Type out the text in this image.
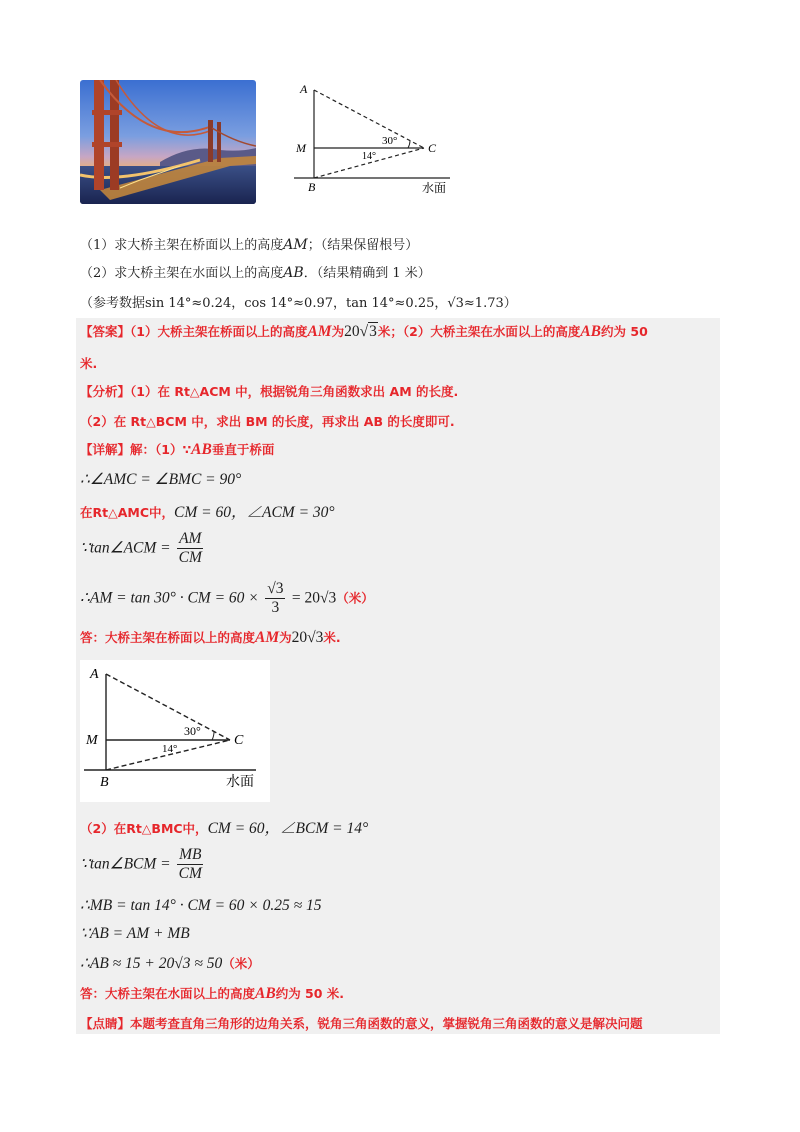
A
M
B
C
30°
14°
水面
（1）求大桥主架在桥面以上的高度AM；（结果保留根号）
（2）求大桥主架在水面以上的高度AB．（结果精确到 1 米）
（参考数据sin 14°≈0.24，cos 14°≈0.97，tan 14°≈0.25，√3≈1.73）
【答案】（1）大桥主架在桥面以上的高度AM为20√3米；（2）大桥主架在水面以上的高度AB约为 50
米.
【分析】（1）在 Rt△ACM 中，根据锐角三角函数求出 AM 的长度.
（2）在 Rt△BCM 中，求出 BM 的长度，再求出 AB 的长度即可.
【详解】解：（1）∵AB垂直于桥面
∴∠AMC = ∠BMC = 90°
在Rt△AMC中，CM = 60，∠ACM = 30°
∵tan∠ACM = $\frac{AM}{CM}$
∴AM = tan 30° · CM = $60 \times \frac{√3}{3} = 20√3$（米）
答：大桥主架在桥面以上的高度AM为20√3米.
A
M
B
C
30°
14°
水面
（2）在Rt△BMC中，CM = 60，∠BCM = 14°
∵tan∠BCM = $\frac{MB}{CM}$
∴MB = tan 14° · CM = 60 × 0.25 ≈ 15
∵AB = AM + MB
∴AB ≈ 15 + 20√3 ≈ 50（米）
答：大桥主架在水面以上的高度AB约为 50 米.
【点睛】本题考查直角三角形的边角关系，锐角三角函数的意义，掌握锐角三角函数的意义是解决问题
